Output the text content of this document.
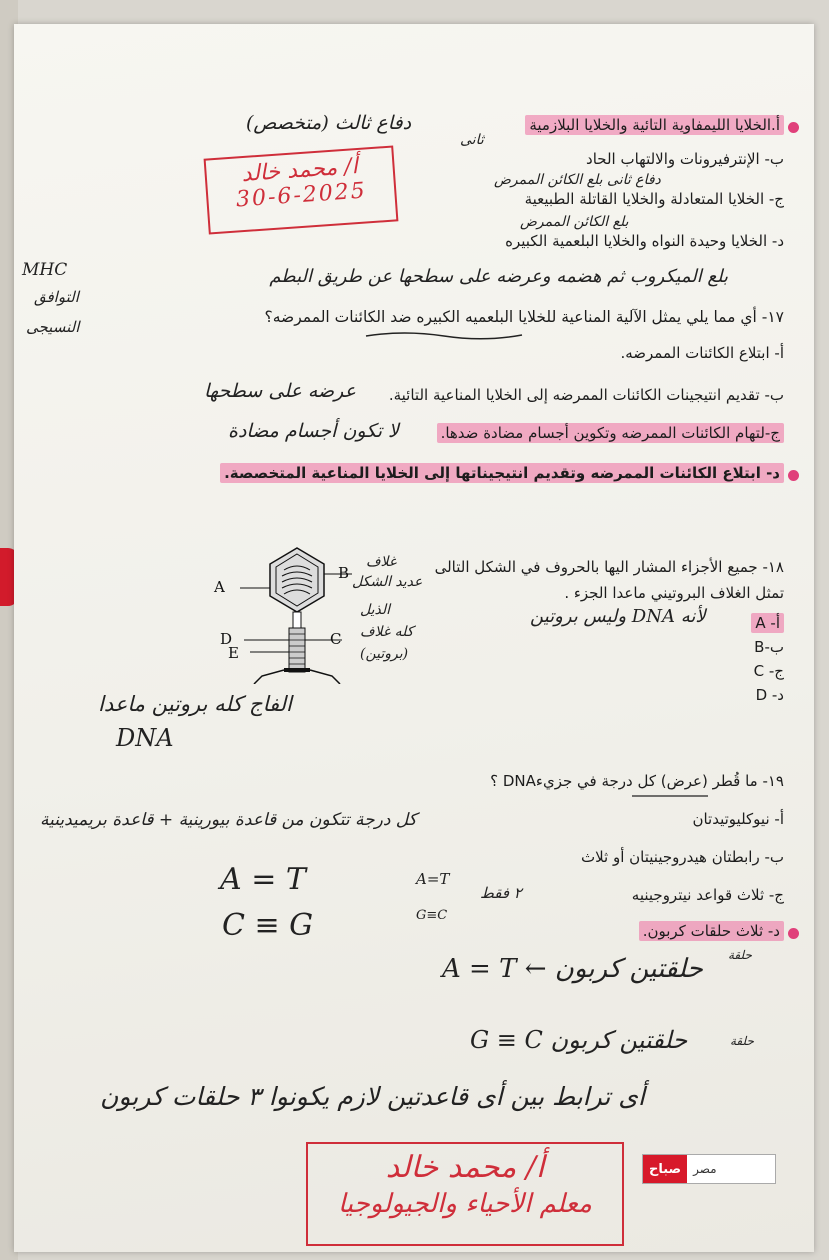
أ.الخلايا الليمفاوية التائية والخلايا البلازمية
دفاع ثالث (متخصص)
ب- الإنترفيرونات والالتهاب الحاد
ثانى
دفاع ثانى بلع الكائن الممرض
ج- الخلايا المتعادلة والخلايا القاتلة الطبيعية
بلع الكائن الممرض
د- الخلايا وحيدة النواه والخلايا البلعمية الكبيره
أ/ محمد خالد
30-6-2025
MHC
التوافق
النسيجى
بلع الميكروب ثم هضمه وعرضه على سطحها عن طريق البطم
١٧- أي مما يلي يمثل الآلية المناعية للخلايا البلعميه الكبيره ضد الكائنات الممرضه؟
أ- ابتلاع الكائنات الممرضه.
ب- تقديم انتيجينات الكائنات الممرضه إلى الخلايا المناعية التائية.
عرضه على سطحها
ج-لتهام الكائنات الممرضه وتكوين أجسام مضادة ضدها.
لا تكون أجسام مضادة
د- ابتلاع الكائنات الممرضه وتقديم انتيجيناتها إلى الخلايا المناعية المتخصصة.
١٨- جميع الأجزاء المشار اليها بالحروف في الشكل التالى
تمثل الغلاف البروتيني ماعدا الجزء .
أ- A
لأنه DNA وليس بروتين
ب-B
ج- C
د- D
A
B
D	C
E
غلاف
عديد الشكل
الذيل
كله غلاف
(بروتين)
الفاج كله بروتين ماعدا
DNA
١٩- ما قُطر (عرض) كل درجة في جزيءDNA ؟
أ- نيوكليوتيدتان
كل درجة تتكون من قاعدة بيورينية + قاعدة بريميدينية
ب- رابطتان هيدروجينيتان أو ثلاث
A = T	A=T
٢ فقط	ج- ثلاث قواعد نيتروجينيه
C ≡ G	G≡C
د- ثلاث حلقات كربون.
حلقة
حلقتين كربون ← A = T
حلقة
حلقتين كربون G ≡ C
أى ترابط بين أى قاعدتين لازم يكونوا ٣ حلقات كربون
أ/ محمد خالد
معلم الأحياء والجيولوجيا
صباح	مصر
